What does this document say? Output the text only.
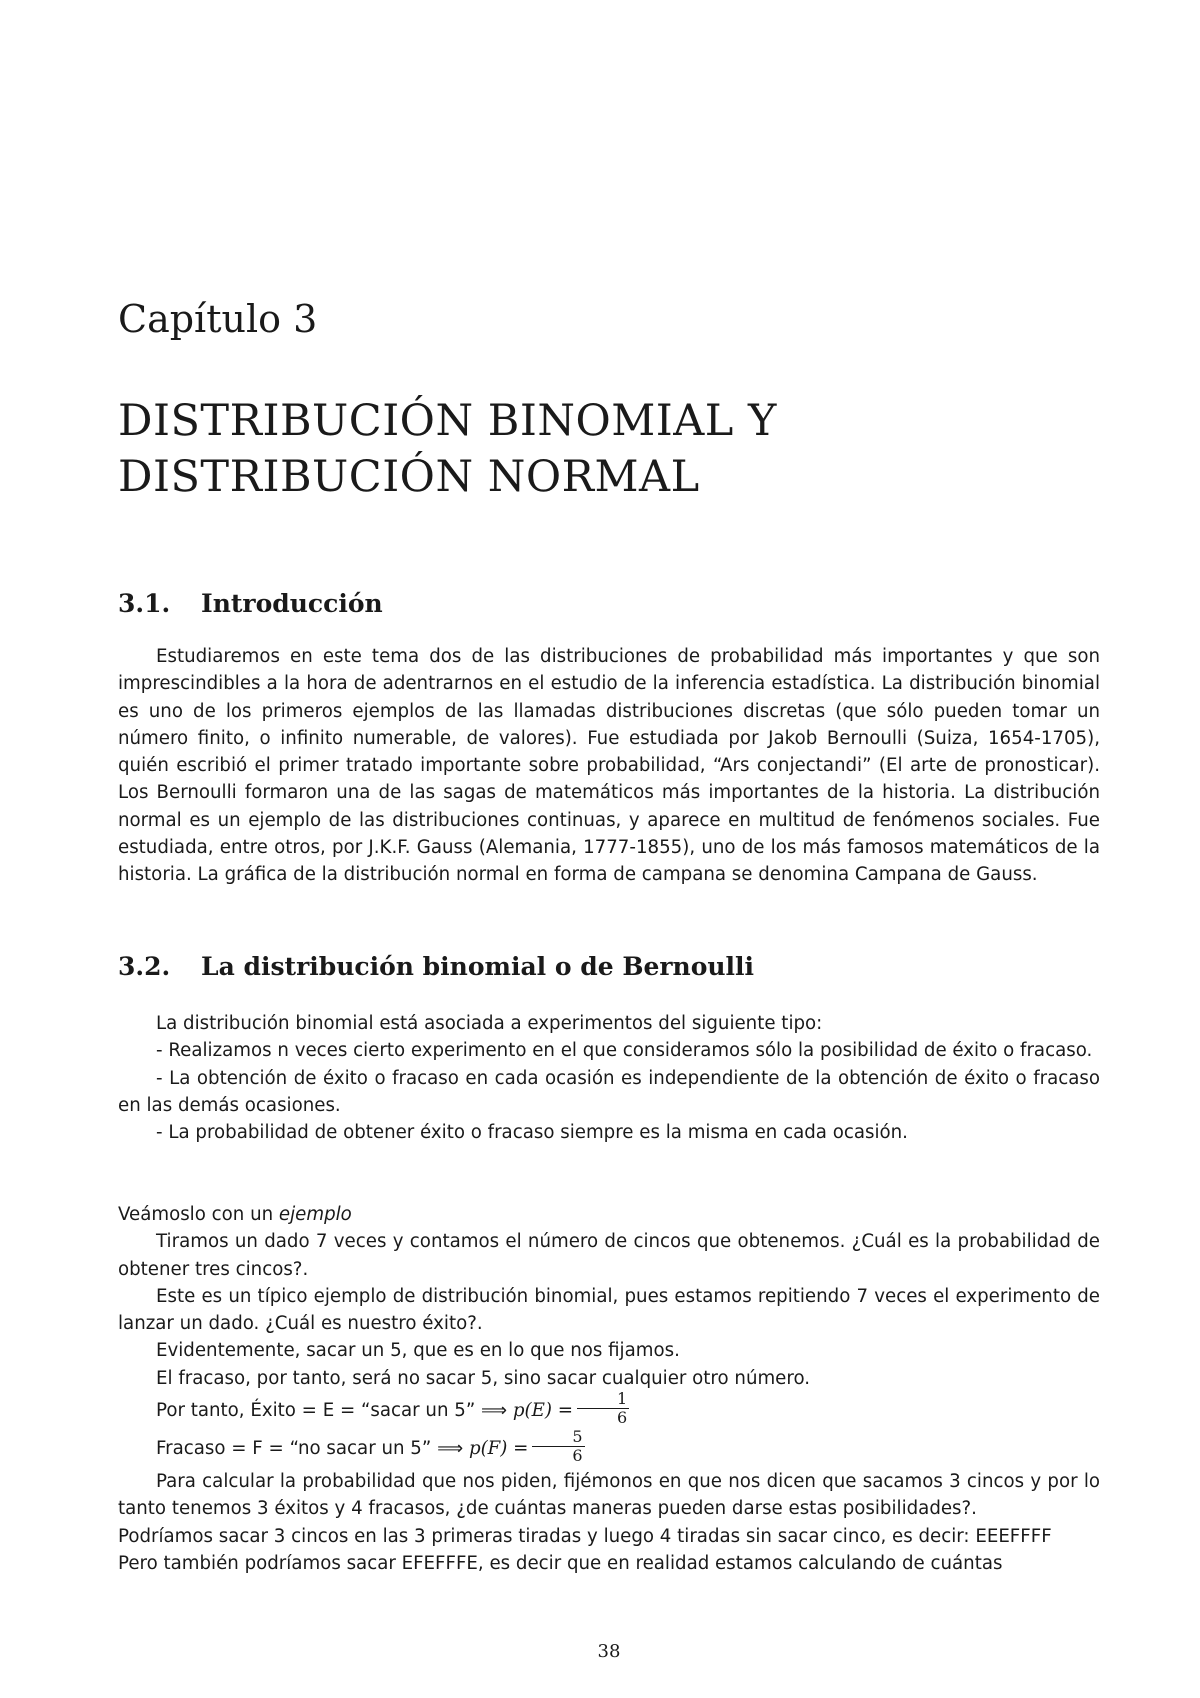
Capítulo 3
DISTRIBUCIÓN BINOMIAL Y
DISTRIBUCIÓN NORMAL
3.1. Introducción

Estudiaremos en este tema dos de las distribuciones de probabilidad más importantes y que son imprescindibles a la hora de adentrarnos en el estudio de la inferencia estadística. La distribución binomial es uno de los primeros ejemplos de las llamadas distribuciones discretas (que sólo pueden tomar un número finito, o infinito numerable, de valores). Fue estudiada por Jakob Bernoulli (Suiza, 1654-1705), quién escribió el primer tratado importante sobre probabilidad, “Ars conjectandi” (El arte de pronosticar). Los Bernoulli formaron una de las sagas de matemáticos más importantes de la historia. La distribución normal es un ejemplo de las distribuciones continuas, y aparece en multitud de fenómenos sociales. Fue estudiada, entre otros, por J.K.F. Gauss (Alemania, 1777-1855), uno de los más famosos matemáticos de la historia. La gráfica de la distribución normal en forma de campana se denomina Campana de Gauss.

3.2. La distribución binomial o de Bernoulli

La distribución binomial está asociada a experimentos del siguiente tipo:

- Realizamos n veces cierto experimento en el que consideramos sólo la posibilidad de éxito o fracaso.

- La obtención de éxito o fracaso en cada ocasión es independiente de la obtención de éxito o fracaso en las demás ocasiones.

- La probabilidad de obtener éxito o fracaso siempre es la misma en cada ocasión.

Veámoslo con un ejemplo

Tiramos un dado 7 veces y contamos el número de cincos que obtenemos. ¿Cuál es la probabilidad de obtener tres cincos?.

Este es un típico ejemplo de distribución binomial, pues estamos repitiendo 7 veces el experimento de lanzar un dado. ¿Cuál es nuestro éxito?.

Evidentemente, sacar un 5, que es en lo que nos fijamos.

El fracaso, por tanto, será no sacar 5, sino sacar cualquier otro número.

Por tanto, Éxito = E = “sacar un 5” ⟹ $p(E) = \frac{1}{6}$

Fracaso = F = “no sacar un 5” ⟹ $p(F) = \frac{5}{6}$

Para calcular la probabilidad que nos piden, fijémonos en que nos dicen que sacamos 3 cincos y por lo tanto tenemos 3 éxitos y 4 fracasos, ¿de cuántas maneras pueden darse estas posibilidades?.

Podríamos sacar 3 cincos en las 3 primeras tiradas y luego 4 tiradas sin sacar cinco, es decir: EEEFFFF

Pero también podríamos sacar EFEFFFE, es decir que en realidad estamos calculando de cuántas

38
